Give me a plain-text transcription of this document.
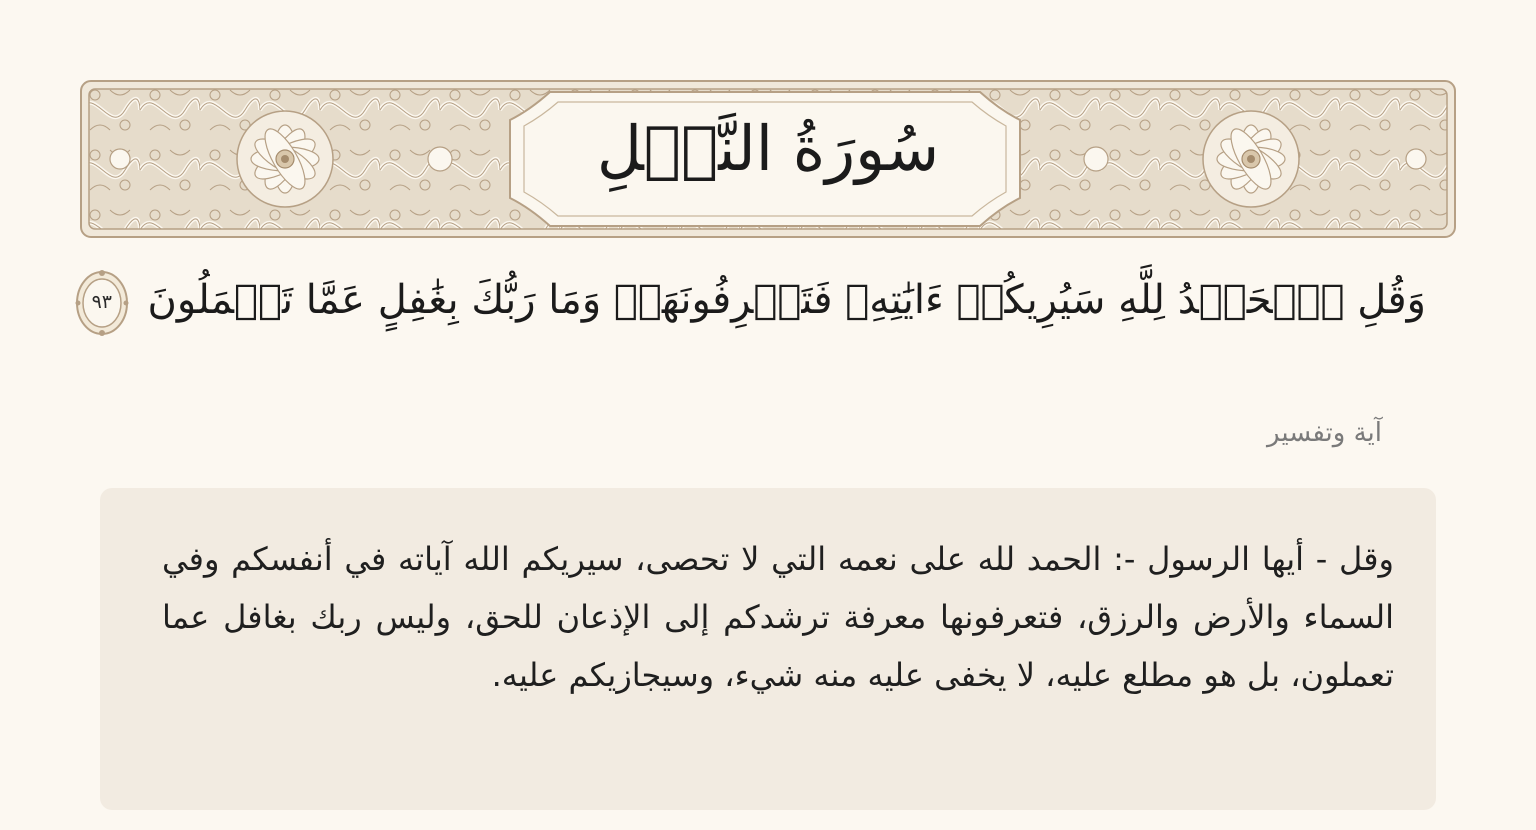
سُورَةُ النَّمۡلِ
وَقُلِ ٱلۡحَمۡدُ لِلَّهِ سَيُرِيكُمۡ ءَايَٰتِهِۦ فَتَعۡرِفُونَهَاۚ وَمَا رَبُّكَ بِغَٰفِلٍ عَمَّا تَعۡمَلُونَ
٩٣
آية وتفسير
وقل - أيها الرسول -: الحمد لله على نعمه التي لا تحصى، سيريكم الله آياته في أنفسكم وفي السماء والأرض والرزق، فتعرفونها معرفة ترشدكم إلى الإذعان للحق، وليس ربك بغافل عما تعملون، بل هو مطلع عليه، لا يخفى عليه منه شيء، وسيجازيكم عليه.
